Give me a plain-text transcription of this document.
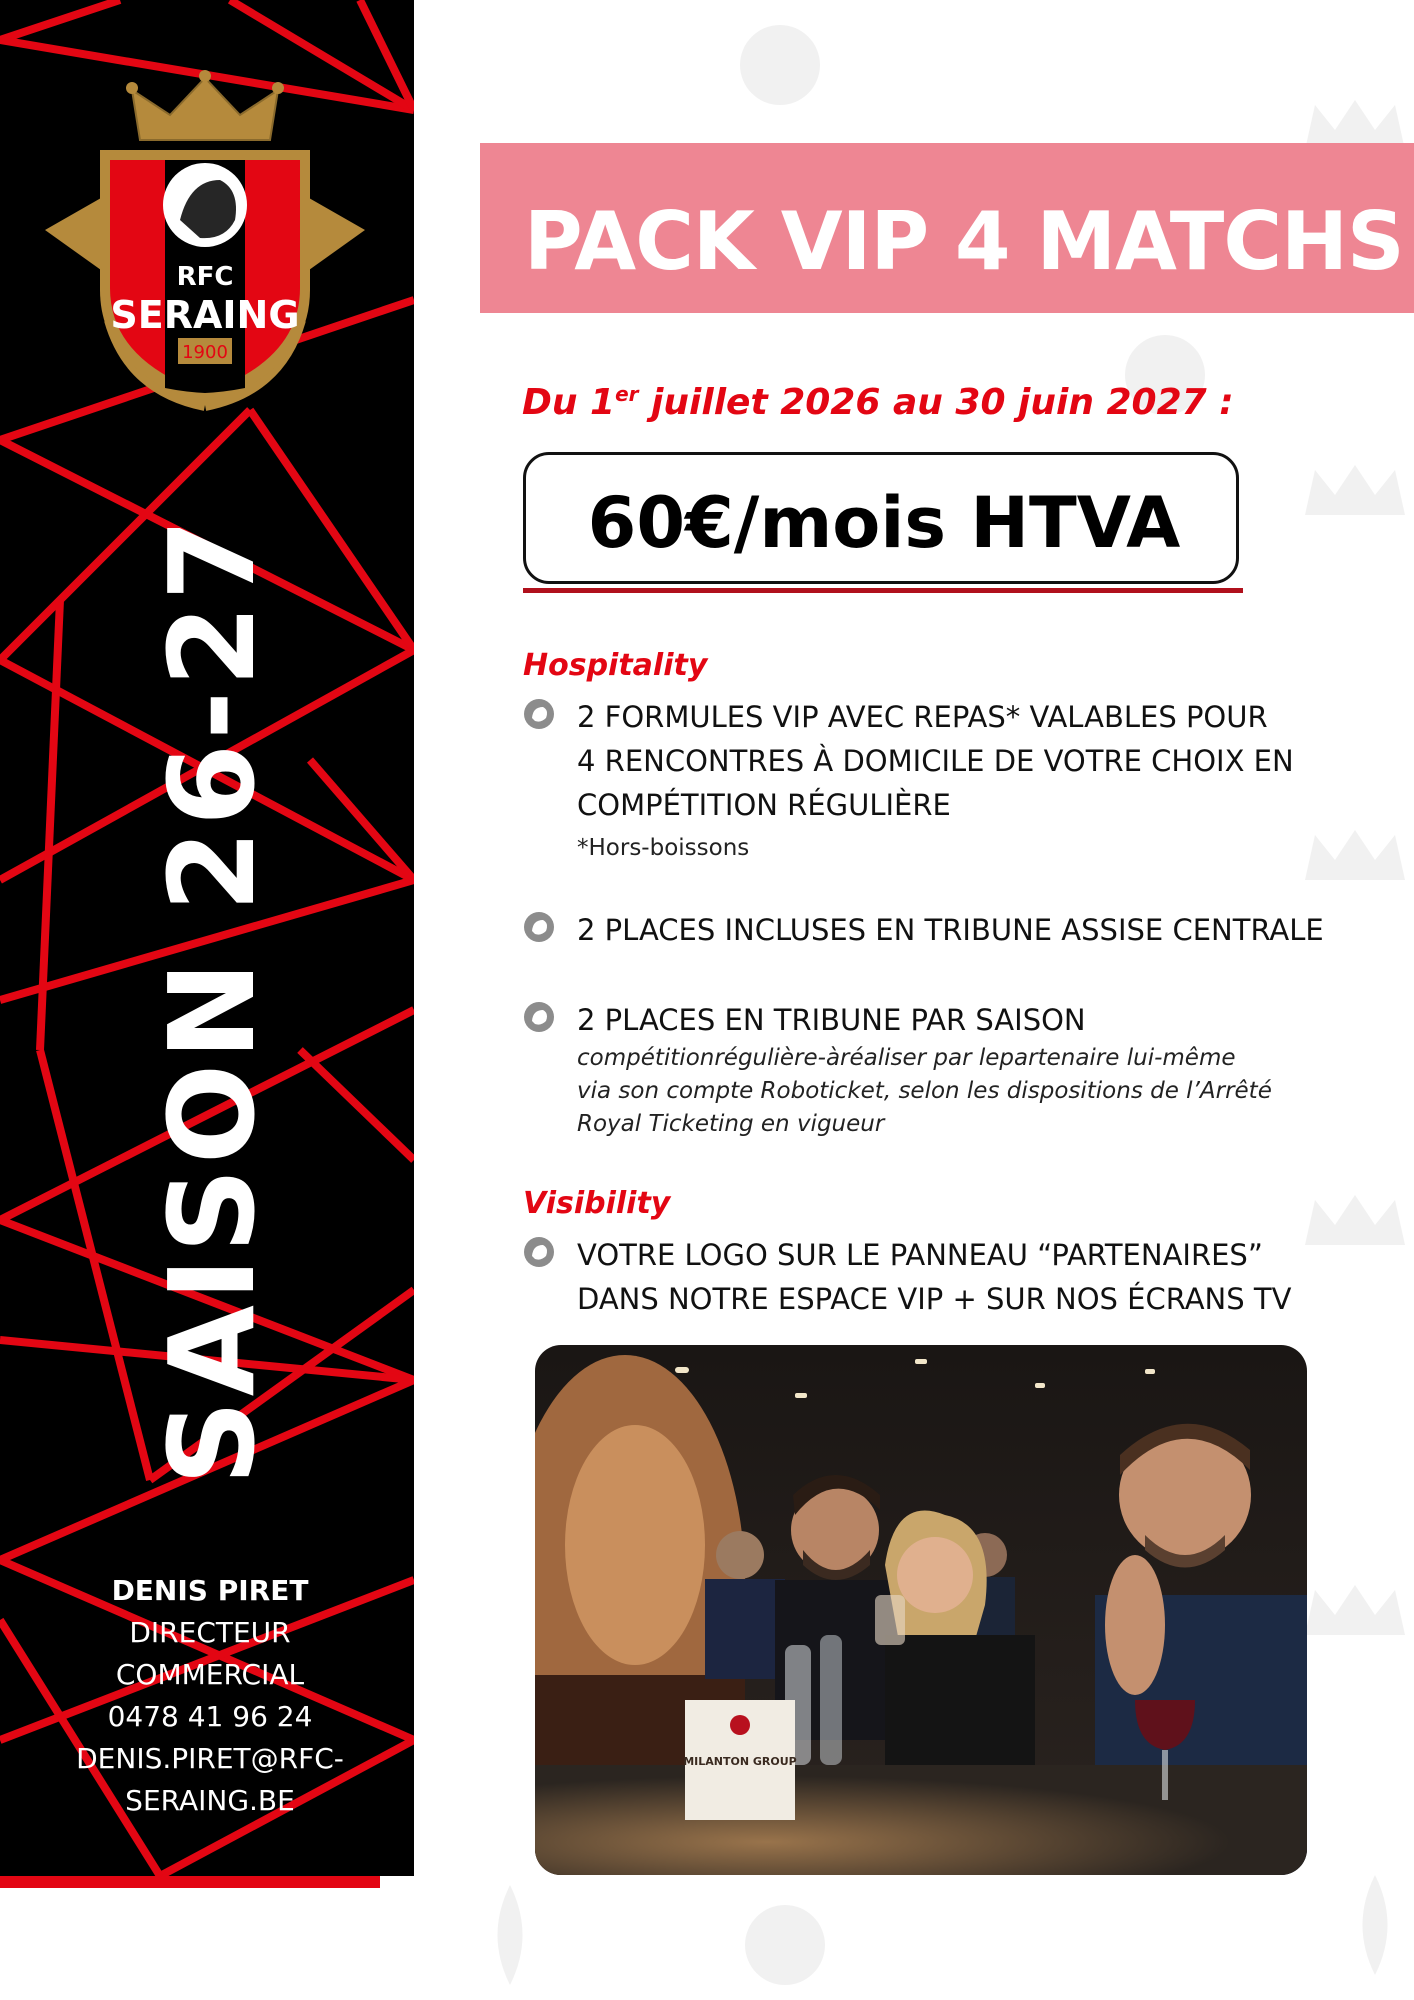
RFC
SERAING
1900
SAISON 26-27
DENIS PIRET
DIRECTEUR
COMMERCIAL
0478 41 96 24
DENIS.PIRET@RFC-
SERAING.BE
PACK VIP 4 MATCHS
Du 1er juillet 2026 au 30 juin 2027 :
60€/mois HTVA
Hospitality
2 FORMULES VIP AVEC REPAS* VALABLES POUR
4 RENCONTRES À DOMICILE DE VOTRE CHOIX EN
COMPÉTITION RÉGULIÈRE
*Hors-boissons
2 PLACES INCLUSES EN TRIBUNE ASSISE CENTRALE
2 PLACES EN TRIBUNE PAR SAISON
compétitionrégulière-àréaliser par lepartenaire lui-même
via son compte Roboticket, selon les dispositions de l’Arrêté
Royal Ticketing en vigueur
Visibility
VOTRE LOGO SUR LE PANNEAU “PARTENAIRES”
DANS NOTRE ESPACE VIP + SUR NOS ÉCRANS TV
MILANTON GROUP
